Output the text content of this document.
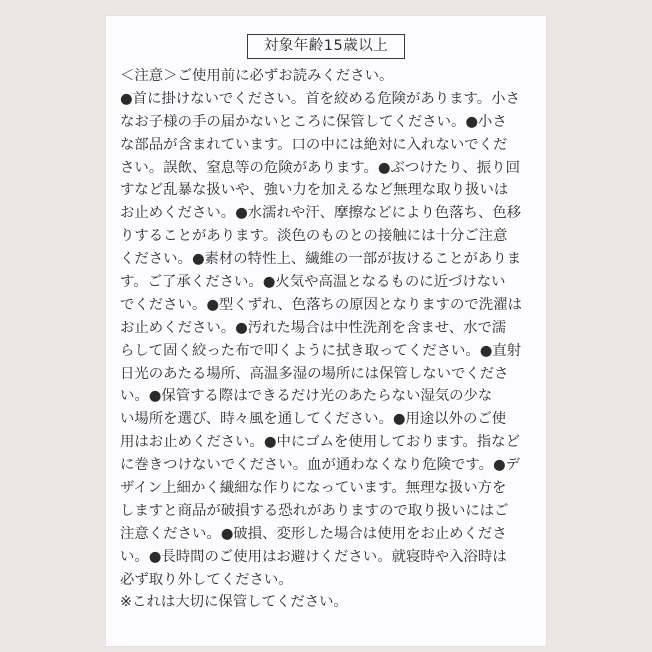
対象年齢15歳以上
＜注意＞ご使用前に必ずお読みください。
●首に掛けないでください。首を絞める危険があります。小さ
なお子様の手の届かないところに保管してください。●小さ
な部品が含まれています。口の中には絶対に入れないでくだ
さい。誤飲、窒息等の危険があります。●ぶつけたり、振り回
すなど乱暴な扱いや、強い力を加えるなど無理な取り扱いは
お止めください。●水濡れや汗、摩擦などにより色落ち、色移
りすることがあります。淡色のものとの接触には十分ご注意
ください。●素材の特性上、繊維の一部が抜けることがありま
す。ご了承ください。●火気や高温となるものに近づけない
でください。●型くずれ、色落ちの原因となりますので洗濯は
お止めください。●汚れた場合は中性洗剤を含ませ、水で濡
らして固く絞った布で叩くように拭き取ってください。●直射
日光のあたる場所、高温多湿の場所には保管しないでくださ
い。●保管する際はできるだけ光のあたらない湿気の少な
い場所を選び、時々風を通してください。●用途以外のご使
用はお止めください。●中にゴムを使用しております。指など
に巻きつけないでください。血が通わなくなり危険です。●デ
ザイン上細かく繊細な作りになっています。無理な扱い方を
しますと商品が破損する恐れがありますので取り扱いにはご
注意ください。●破損、変形した場合は使用をお止めくださ
い。●長時間のご使用はお避けください。就寝時や入浴時は
必ず取り外してください。
※これは大切に保管してください。
